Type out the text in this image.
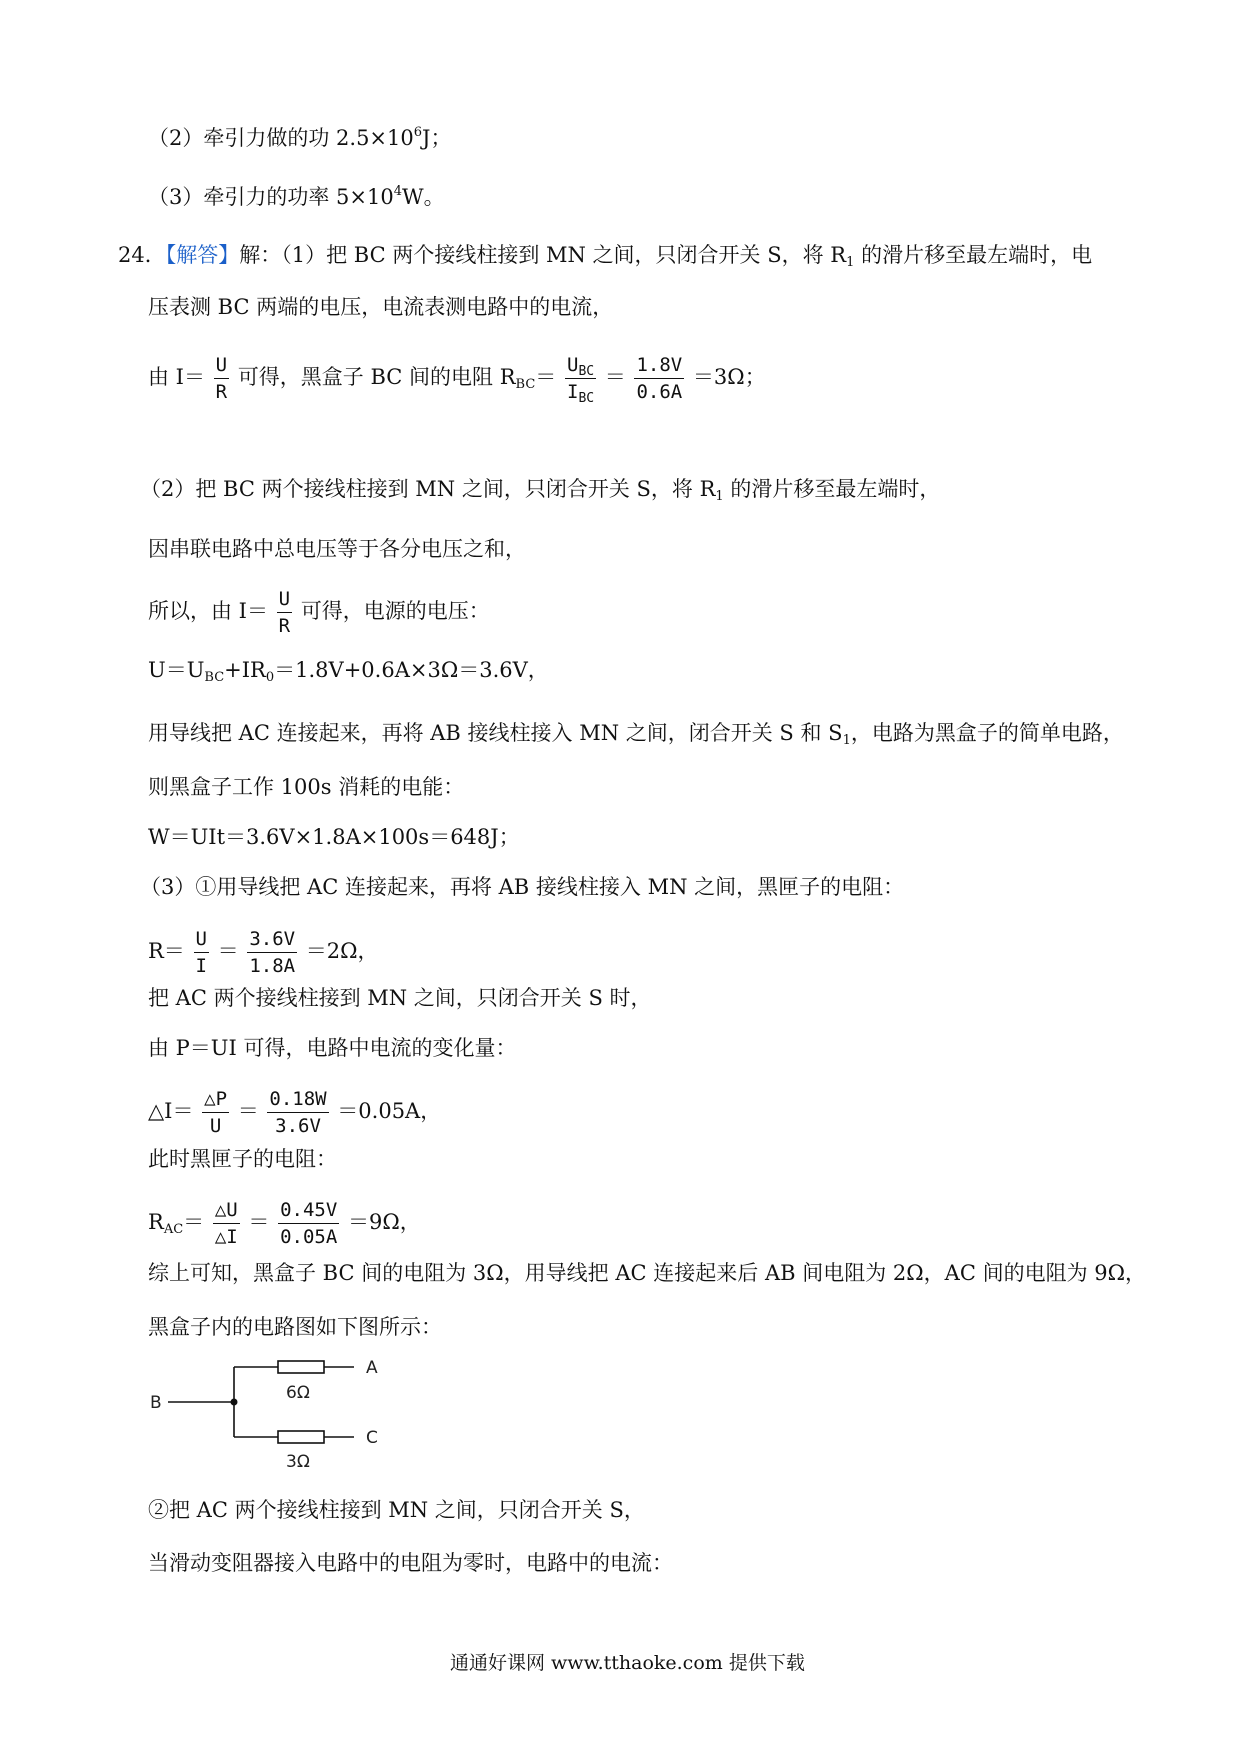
（2）牵引力做的功 $2.5\times 10^6J$；
（3）牵引力的功率 $5\times 10^4W$。
24．【解答】解：（1）把 BC 两个接线柱接到 MN 之间，只闭合开关 S，将 $R_1$ 的滑片移至最左端时，电
压表测 BC 两端的电压，电流表测电路中的电流，
由 $I= \frac{U}{R}$ 可得，黑盒子 BC 间的电阻 $R_{BC}= \frac{U_{BC}}{I_{BC}} = \frac{1.8V}{0.6A} =3\Omega$；
（2）把 BC 两个接线柱接到 MN 之间，只闭合开关 S，将 $R_1$ 的滑片移至最左端时，
因串联电路中总电压等于各分电压之和，
所以，由 $I= \frac{U}{R}$ 可得，电源的电压：
$U=U_{BC}+IR_0=1.8V+0.6A\times 3\Omega=3.6V$，
用导线把 AC 连接起来，再将 AB 接线柱接入 MN 之间，闭合开关 S 和 $S_1$，电路为黑盒子的简单电路，
则黑盒子工作 100s 消耗的电能：
W＝UIt＝3.6V×1.8A×100s＝648J；
（3）①用导线把 AC 连接起来，再将 AB 接线柱接入 MN 之间，黑匣子的电阻：
$R= \frac{U}{I} = \frac{3.6V}{1.8A} =2\Omega$，
把 AC 两个接线柱接到 MN 之间，只闭合开关 S 时，
由 P＝UI 可得，电路中电流的变化量：
△I＝ $\frac{\triangle P}{U} = \frac{0.18W}{3.6V} =0.05A$，
此时黑匣子的电阻：
$R_{AC}= \frac{\triangle U}{\triangle I} = \frac{0.45V}{0.05A} =9\Omega$，
综上可知，黑盒子 BC 间的电阻为 3Ω，用导线把 AC 连接起来后 AB 间电阻为 2Ω，AC 间的电阻为 9Ω，
黑盒子内的电路图如下图所示：
B
A
C
6Ω
3Ω
②把 AC 两个接线柱接到 MN 之间，只闭合开关 S，
当滑动变阻器接入电路中的电阻为零时，电路中的电流：
通通好课网 www.tthaoke.com 提供下载
